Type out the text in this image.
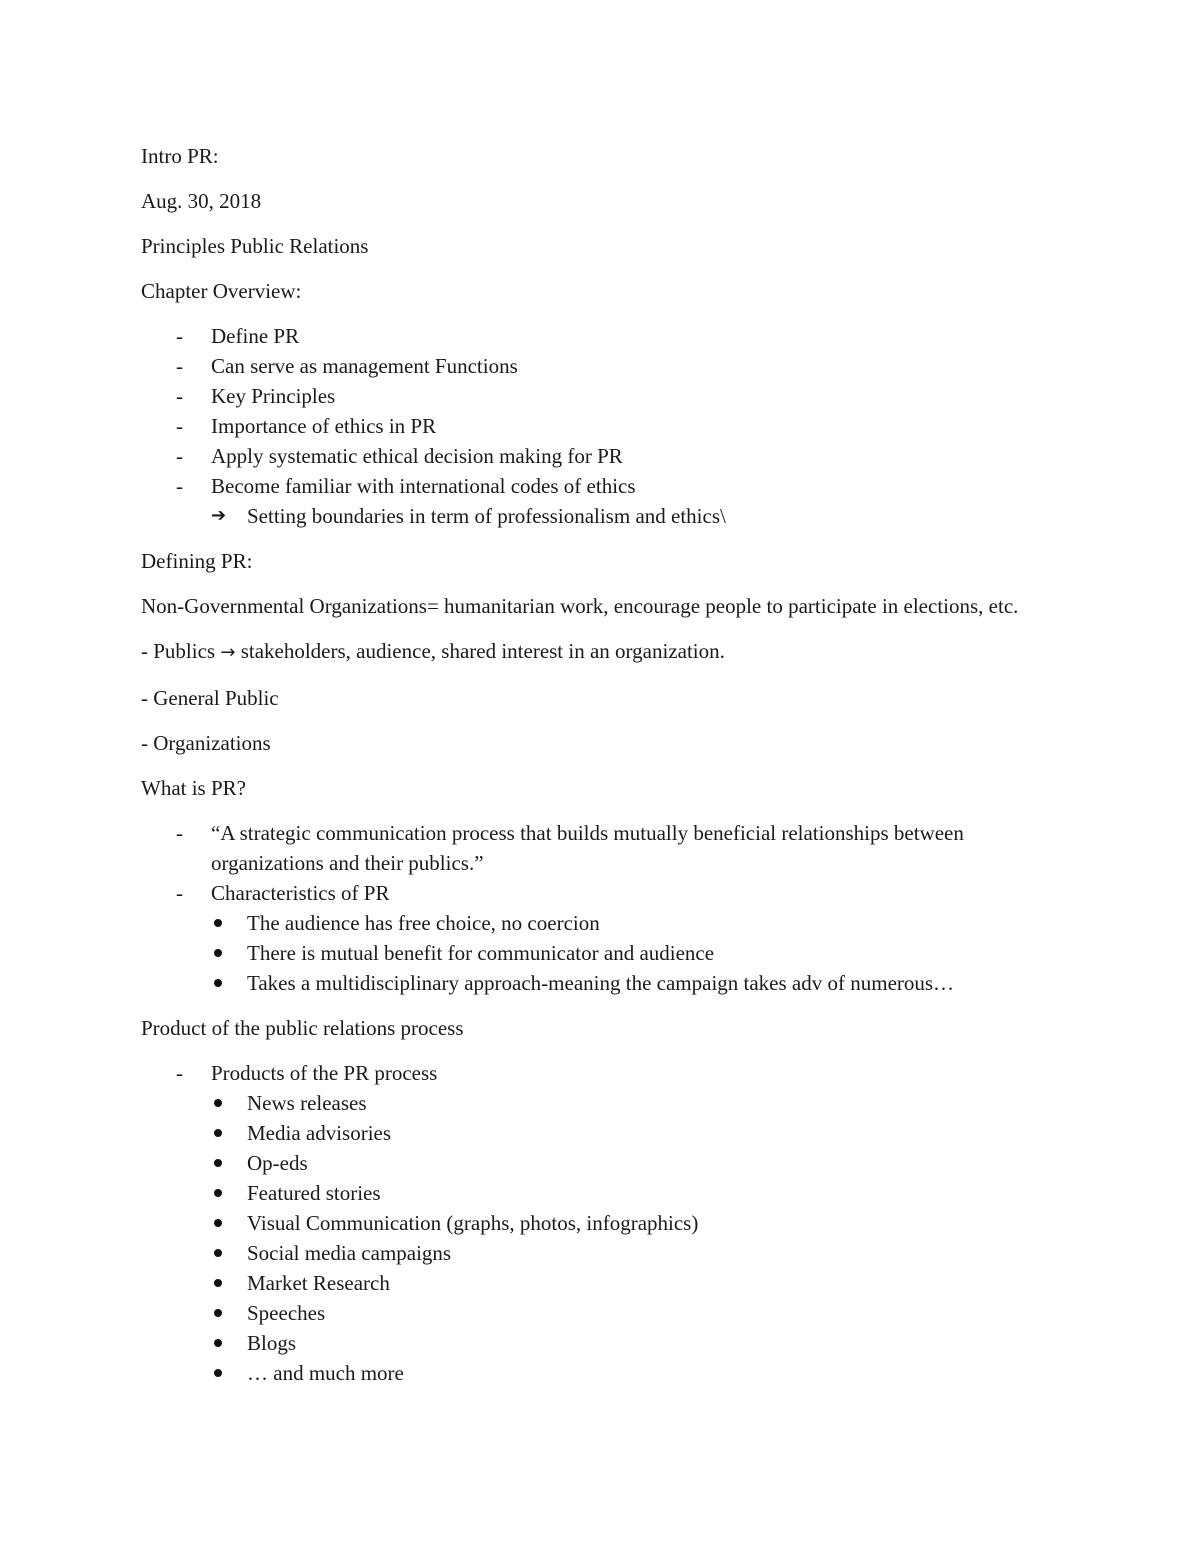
Intro PR:

Aug. 30, 2018

Principles Public Relations

Chapter Overview:

- Define PR
- Can serve as management Functions
- Key Principles
- Importance of ethics in PR
- Apply systematic ethical decision making for PR
- Become familiar with international codes of ethics
➔ Setting boundaries in term of professionalism and ethics\

Defining PR:

Non-Governmental Organizations= humanitarian work, encourage people to participate in elections, etc.

- Publics → stakeholders, audience, shared interest in an organization.

- General Public

- Organizations

What is PR?

- “A strategic communication process that builds mutually beneficial relationships between organizations and their publics.”
- Characteristics of PR
The audience has free choice, no coercion
There is mutual benefit for communicator and audience
Takes a multidisciplinary approach-meaning the campaign takes adv of numerous…

Product of the public relations process

- Products of the PR process
News releases
Media advisories
Op-eds
Featured stories
Visual Communication (graphs, photos, infographics)
Social media campaigns
Market Research
Speeches
Blogs
… and much more
